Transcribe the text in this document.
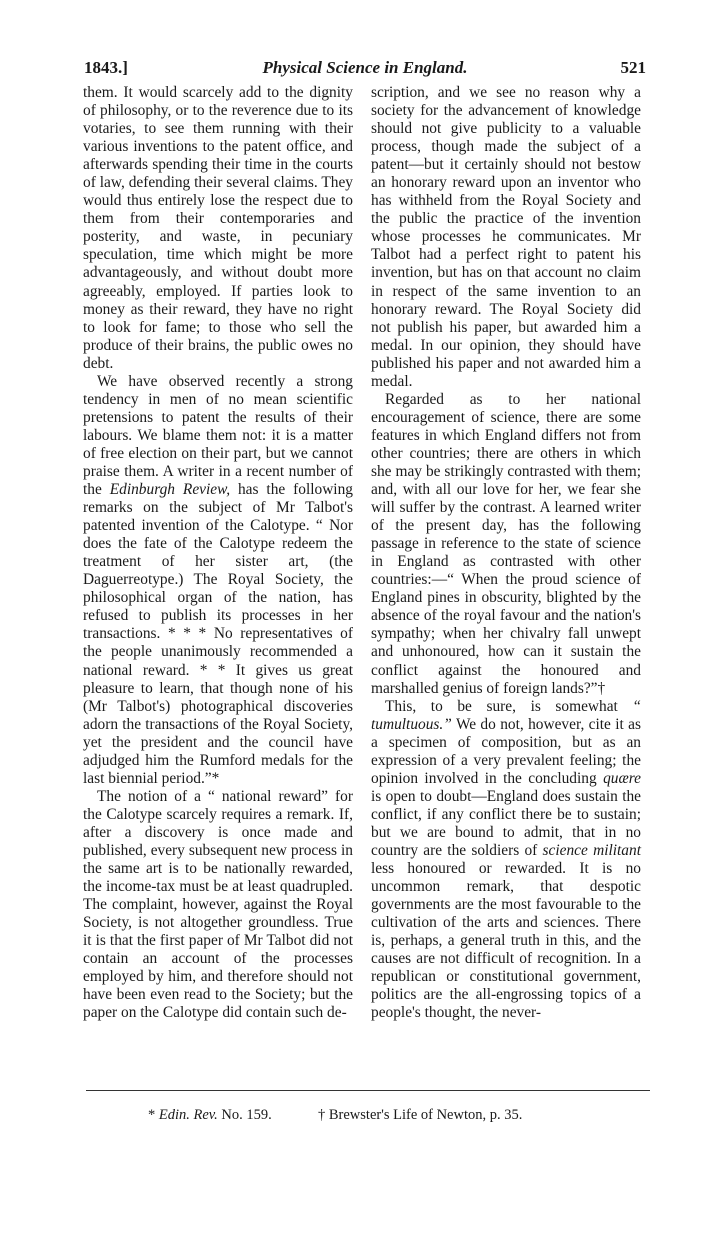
1843.]	Physical Science in England.	521

them. It would scarcely add to the dignity of philosophy, or to the reverence due to its votaries, to see them running with their various inventions to the patent office, and afterwards spending their time in the courts of law, defending their several claims. They would thus entirely lose the respect due to them from their contemporaries and posterity, and waste, in pecuniary speculation, time which might be more advantageously, and without doubt more agreeably, employed. If parties look to money as their reward, they have no right to look for fame; to those who sell the produce of their brains, the public owes no debt.

We have observed recently a strong tendency in men of no mean scientific pretensions to patent the results of their labours. We blame them not: it is a matter of free election on their part, but we cannot praise them. A writer in a recent number of the Edinburgh Review, has the following remarks on the subject of Mr Talbot's patented invention of the Calotype. “ Nor does the fate of the Calotype redeem the treatment of her sister art, (the Daguerreotype.) The Royal Society, the philosophical organ of the nation, has refused to publish its processes in her transactions. * * * No representatives of the people unanimously recommended a national reward. * * It gives us great pleasure to learn, that though none of his (Mr Talbot's) photographical discoveries adorn the transactions of the Royal Society, yet the president and the council have adjudged him the Rumford medals for the last biennial period.”*

The notion of a “ national reward” for the Calotype scarcely requires a remark. If, after a discovery is once made and published, every subsequent new process in the same art is to be nationally rewarded, the income-tax must be at least quadrupled. The complaint, however, against the Royal Society, is not altogether groundless. True it is that the first paper of Mr Talbot did not contain an account of the processes employed by him, and therefore should not have been even read to the Society; but the paper on the Calotype did contain such de-

scription, and we see no reason why a society for the advancement of knowledge should not give publicity to a valuable process, though made the subject of a patent—but it certainly should not bestow an honorary reward upon an inventor who has withheld from the Royal Society and the public the practice of the invention whose processes he communicates. Mr Talbot had a perfect right to patent his invention, but has on that account no claim in respect of the same invention to an honorary reward. The Royal Society did not publish his paper, but awarded him a medal. In our opinion, they should have published his paper and not awarded him a medal.

Regarded as to her national encouragement of science, there are some features in which England differs not from other countries; there are others in which she may be strikingly contrasted with them; and, with all our love for her, we fear she will suffer by the contrast. A learned writer of the present day, has the following passage in reference to the state of science in England as contrasted with other countries:—“ When the proud science of England pines in obscurity, blighted by the absence of the royal favour and the nation's sympathy; when her chivalry fall unwept and unhonoured, how can it sustain the conflict against the honoured and marshalled genius of foreign lands?”†

This, to be sure, is somewhat “ tumultuous.” We do not, however, cite it as a specimen of composition, but as an expression of a very prevalent feeling; the opinion involved in the concluding quære is open to doubt—England does sustain the conflict, if any conflict there be to sustain; but we are bound to admit, that in no country are the soldiers of science militant less honoured or rewarded. It is no uncommon remark, that despotic governments are the most favourable to the cultivation of the arts and sciences. There is, perhaps, a general truth in this, and the causes are not difficult of recognition. In a republican or constitutional government, politics are the all-engrossing topics of a people's thought, the never-

* Edin. Rev. No. 159.	† Brewster's Life of Newton, p. 35.
